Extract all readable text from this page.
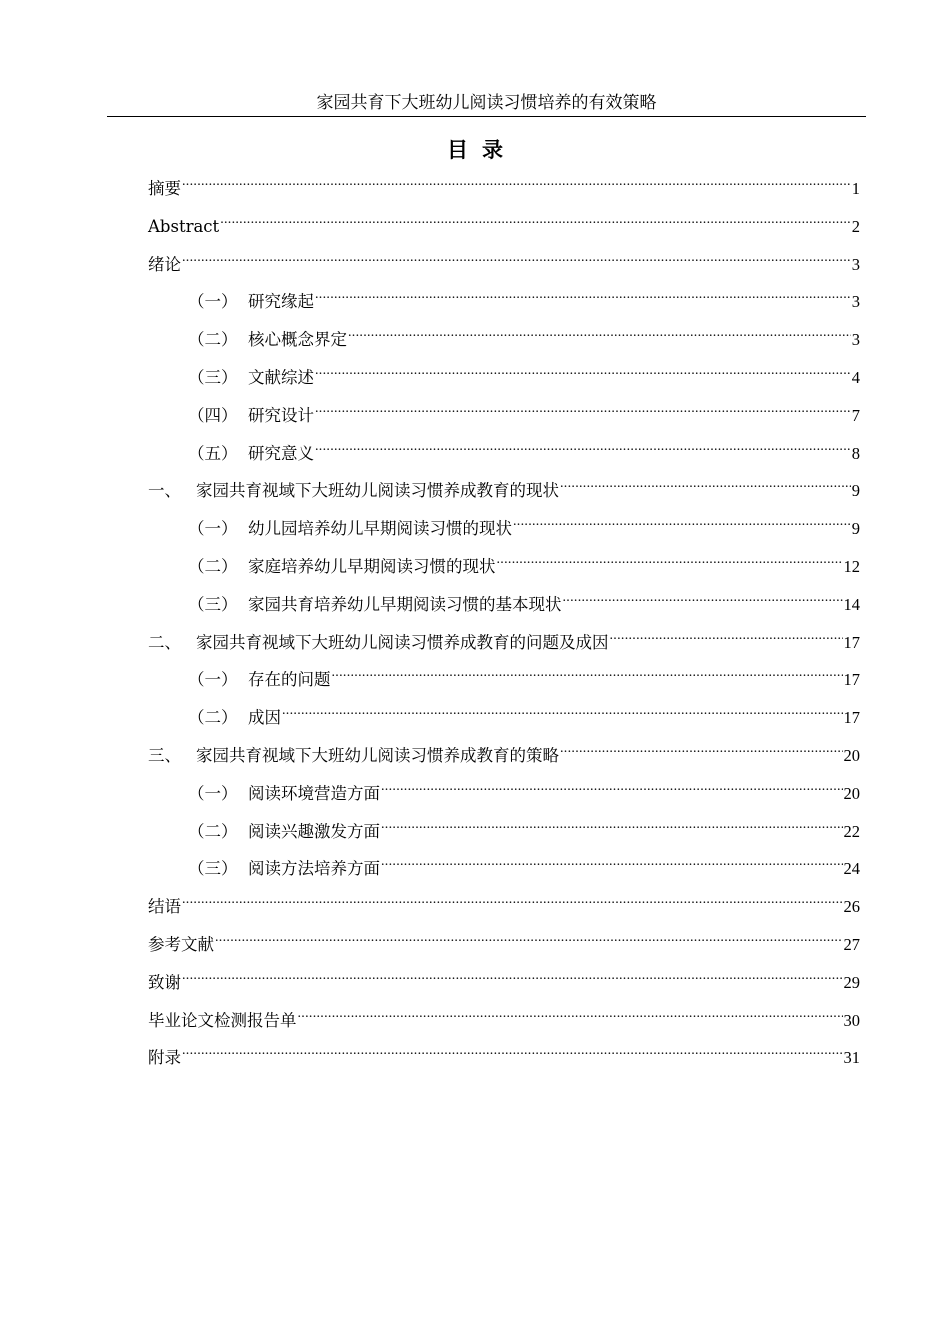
家园共育下大班幼儿阅读习惯培养的有效策略
目录
摘要 .....	1
Abstract .....	2
绪论 .....	3
（一） 研究缘起 .....	3
（二） 核心概念界定 .....	3
（三） 文献综述 .....	4
（四） 研究设计 .....	7
（五） 研究意义 .....	8
一、 家园共育视域下大班幼儿阅读习惯养成教育的现状 .....	9
（一） 幼儿园培养幼儿早期阅读习惯的现状 .....	9
（二） 家庭培养幼儿早期阅读习惯的现状 .....	12
（三） 家园共育培养幼儿早期阅读习惯的基本现状 .....	14
二、 家园共育视域下大班幼儿阅读习惯养成教育的问题及成因 .....	17
（一） 存在的问题 .....	17
（二） 成因 .....	17
三、 家园共育视域下大班幼儿阅读习惯养成教育的策略 .....	20
（一） 阅读环境营造方面 .....	20
（二） 阅读兴趣激发方面 .....	22
（三） 阅读方法培养方面 .....	24
结语 .....	26
参考文献 .....	27
致谢 .....	29
毕业论文检测报告单 .....	30
附录 .....	31
